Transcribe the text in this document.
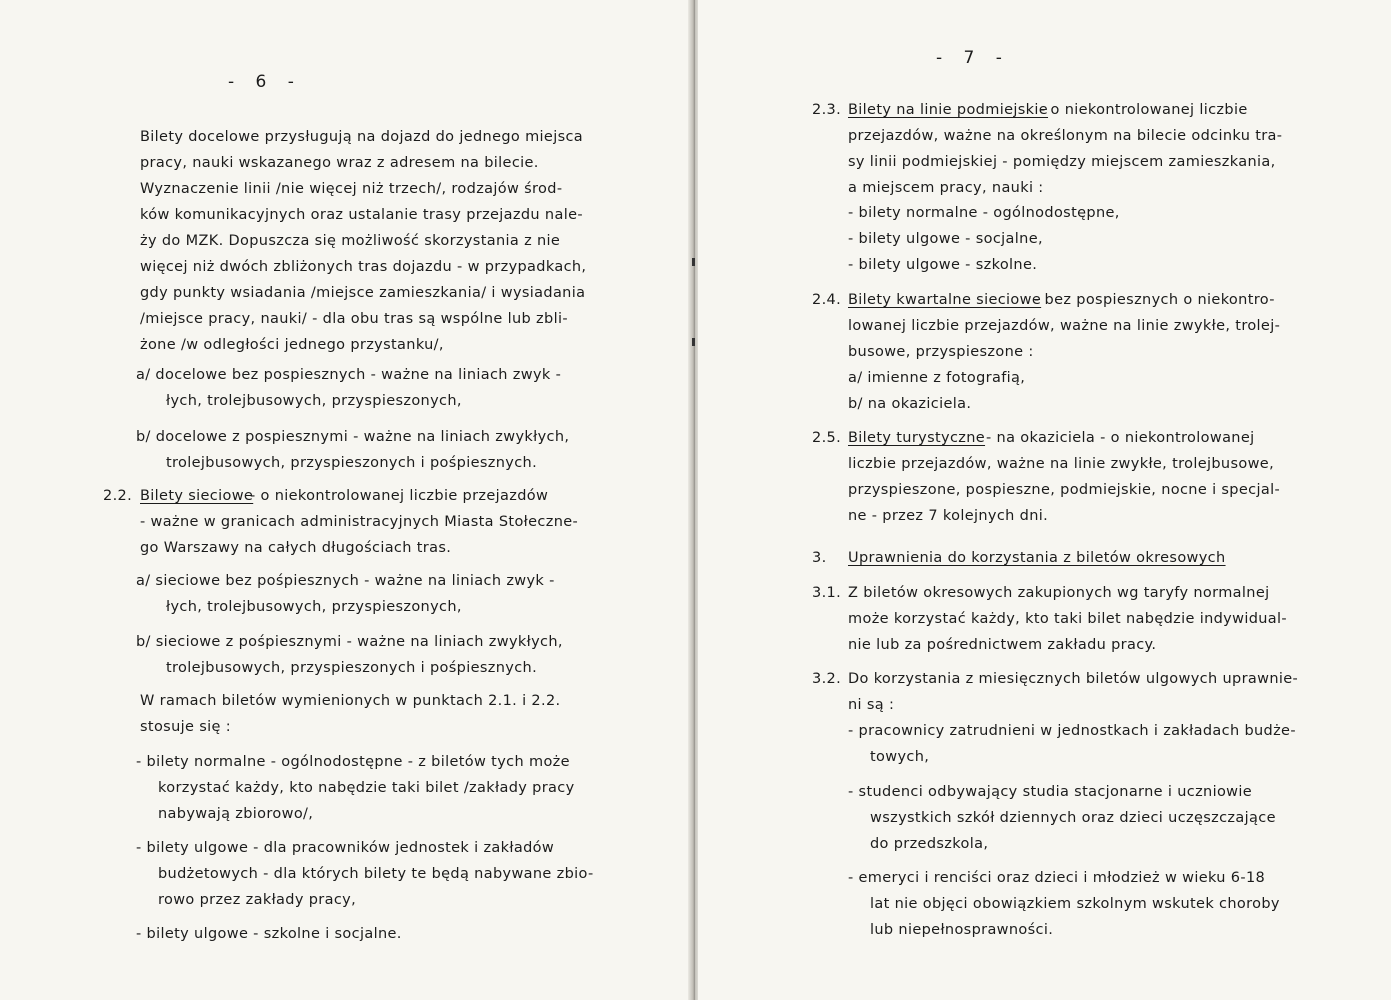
- 6 -
Bilety docelowe przysługują na dojazd do jednego miejsca
pracy, nauki wskazanego wraz z adresem na bilecie.
Wyznaczenie linii /nie więcej niż trzech/, rodzajów środ-
ków komunikacyjnych oraz ustalanie trasy przejazdu nale-
ży do MZK. Dopuszcza się możliwość skorzystania z nie
więcej niż dwóch zbliżonych tras dojazdu - w przypadkach,
gdy punkty wsiadania /miejsce zamieszkania/ i wysiadania
/miejsce pracy, nauki/ - dla obu tras są wspólne lub zbli-
żone /w odległości jednego przystanku/,
a/ docelowe bez pospiesznych - ważne na liniach zwyk -
łych, trolejbusowych, przyspieszonych,
b/ docelowe z pospiesznymi - ważne na liniach zwykłych,
trolejbusowych, przyspieszonych i pośpiesznych.
2.2. Bilety sieciowe
- o niekontrolowanej liczbie przejazdów
- ważne w granicach administracyjnych Miasta Stołeczne-
go Warszawy na całych długościach tras.
a/ sieciowe bez pośpiesznych - ważne na liniach zwyk -
łych, trolejbusowych, przyspieszonych,
b/ sieciowe z pośpiesznymi - ważne na liniach zwykłych,
trolejbusowych, przyspieszonych i pośpiesznych.
W ramach biletów wymienionych w punktach 2.1. i 2.2.
stosuje się :
- bilety normalne - ogólnodostępne - z biletów tych może
korzystać każdy, kto nabędzie taki bilet /zakłady pracy
nabywają zbiorowo/,
- bilety ulgowe - dla pracowników jednostek i zakładów
budżetowych - dla których bilety te będą nabywane zbio-
rowo przez zakłady pracy,
- bilety ulgowe - szkolne i socjalne.
- 7 -
2.3. Bilety na linie podmiejskie
- o niekontrolowanej liczbie
przejazdów, ważne na określonym na bilecie odcinku tra-
sy linii podmiejskiej - pomiędzy miejscem zamieszkania,
a miejscem pracy, nauki :
- bilety normalne - ogólnodostępne,
- bilety ulgowe - socjalne,
- bilety ulgowe - szkolne.
2.4. Bilety kwartalne sieciowe
- bez pospiesznych o niekontro-
lowanej liczbie przejazdów, ważne na linie zwykłe, trolej-
busowe, przyspieszone :
a/ imienne z fotografią,
b/ na okaziciela.
2.5. Bilety turystyczne - na okaziciela - o niekontrolowanej
liczbie przejazdów, ważne na linie zwykłe, trolejbusowe,
przyspieszone, pospieszne, podmiejskie, nocne i specjal-
ne - przez 7 kolejnych dni.
3. Uprawnienia do korzystania z biletów okresowych
3.1. Z biletów okresowych zakupionych wg taryfy normalnej
może korzystać każdy, kto taki bilet nabędzie indywidual-
nie lub za pośrednictwem zakładu pracy.
3.2. Do korzystania z miesięcznych biletów ulgowych uprawnie-
ni są :
- pracownicy zatrudnieni w jednostkach i zakładach budże-
towych,
- studenci odbywający studia stacjonarne i uczniowie
wszystkich szkół dziennych oraz dzieci uczęszczające
do przedszkola,
- emeryci i renciści oraz dzieci i młodzież w wieku 6-18
lat nie objęci obowiązkiem szkolnym wskutek choroby
lub niepełnosprawności.
